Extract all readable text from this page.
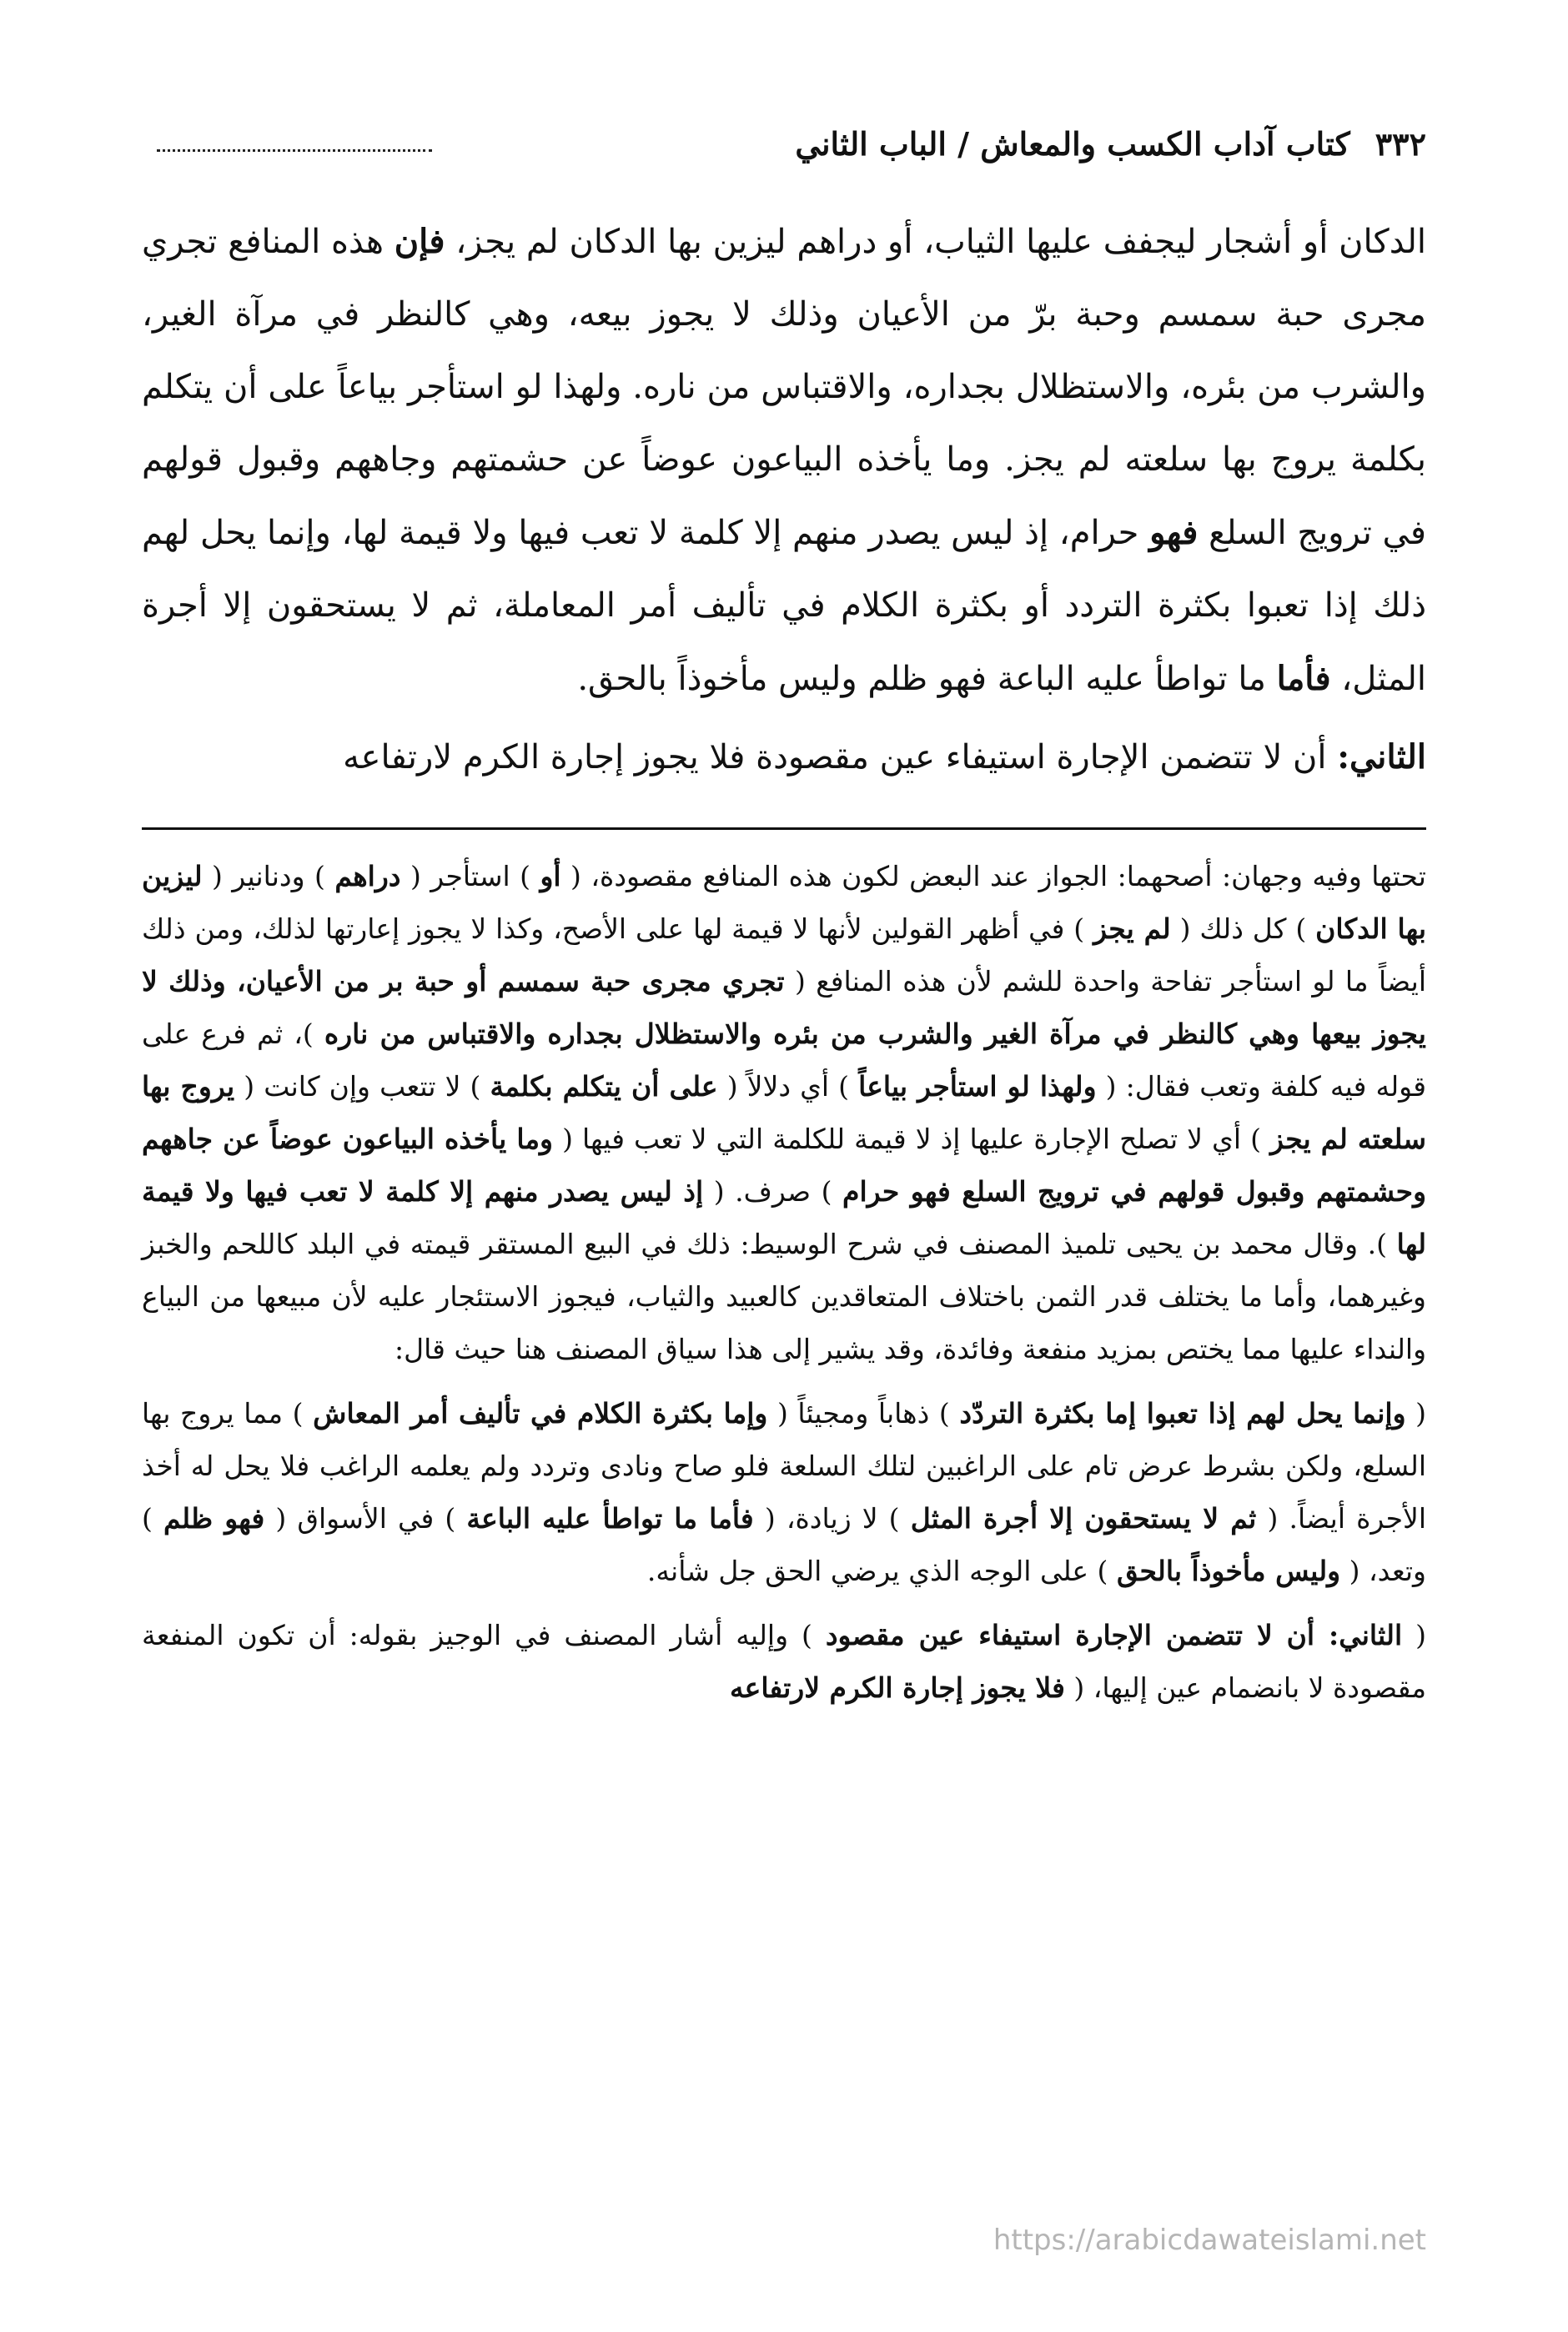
٣٣٢
كتاب آداب الكسب والمعاش / الباب الثاني

الدكان أو أشجار ليجفف عليها الثياب، أو دراهم ليزين بها الدكان لم يجز، فإن هذه المنافع تجري مجرى حبة سمسم وحبة برّ من الأعيان وذلك لا يجوز بيعه، وهي كالنظر في مرآة الغير، والشرب من بئره، والاستظلال بجداره، والاقتباس من ناره. ولهذا لو استأجر بياعاً على أن يتكلم بكلمة يروج بها سلعته لم يجز. وما يأخذه البياعون عوضاً عن حشمتهم وجاههم وقبول قولهم في ترويج السلع فهو حرام، إذ ليس يصدر منهم إلا كلمة لا تعب فيها ولا قيمة لها، وإنما يحل لهم ذلك إذا تعبوا بكثرة التردد أو بكثرة الكلام في تأليف أمر المعاملة، ثم لا يستحقون إلا أجرة المثل، فأما ما تواطأ عليه الباعة فهو ظلم وليس مأخوذاً بالحق.

الثاني: أن لا تتضمن الإجارة استيفاء عين مقصودة فلا يجوز إجارة الكرم لارتفاعه

تحتها وفيه وجهان: أصحهما: الجواز عند البعض لكون هذه المنافع مقصودة، ( أو ) استأجر ( دراهم ) ودنانير ( ليزين بها الدكان ) كل ذلك ( لم يجز ) في أظهر القولين لأنها لا قيمة لها على الأصح، وكذا لا يجوز إعارتها لذلك، ومن ذلك أيضاً ما لو استأجر تفاحة واحدة للشم لأن هذه المنافع ( تجري مجرى حبة سمسم أو حبة بر من الأعيان، وذلك لا يجوز بيعها وهي كالنظر في مرآة الغير والشرب من بئره والاستظلال بجداره والاقتباس من ناره )، ثم فرع على قوله فيه كلفة وتعب فقال: ( ولهذا لو استأجر بياعاً ) أي دلالاً ( على أن يتكلم بكلمة ) لا تتعب وإن كانت ( يروج بها سلعته لم يجز ) أي لا تصلح الإجارة عليها إذ لا قيمة للكلمة التي لا تعب فيها ( وما يأخذه البياعون عوضاً عن جاههم وحشمتهم وقبول قولهم في ترويج السلع فهو حرام ) صرف. ( إذ ليس يصدر منهم إلا كلمة لا تعب فيها ولا قيمة لها ). وقال محمد بن يحيى تلميذ المصنف في شرح الوسيط: ذلك في البيع المستقر قيمته في البلد كاللحم والخبز وغيرهما، وأما ما يختلف قدر الثمن باختلاف المتعاقدين كالعبيد والثياب، فيجوز الاستئجار عليه لأن مبيعها من البياع والنداء عليها مما يختص بمزيد منفعة وفائدة، وقد يشير إلى هذا سياق المصنف هنا حيث قال:

( وإنما يحل لهم إذا تعبوا إما بكثرة التردّد ) ذهاباً ومجيئاً ( وإما بكثرة الكلام في تأليف أمر المعاش ) مما يروج بها السلع، ولكن بشرط عرض تام على الراغبين لتلك السلعة فلو صاح ونادى وتردد ولم يعلمه الراغب فلا يحل له أخذ الأجرة أيضاً. ( ثم لا يستحقون إلا أجرة المثل ) لا زيادة، ( فأما ما تواطأ عليه الباعة ) في الأسواق ( فهو ظلم ) وتعد، ( وليس مأخوذاً بالحق ) على الوجه الذي يرضي الحق جل شأنه.

( الثاني: أن لا تتضمن الإجارة استيفاء عين مقصود ) وإليه أشار المصنف في الوجيز بقوله: أن تكون المنفعة مقصودة لا بانضمام عين إليها، ( فلا يجوز إجارة الكرم لارتفاعه

https://arabicdawateislami.net
